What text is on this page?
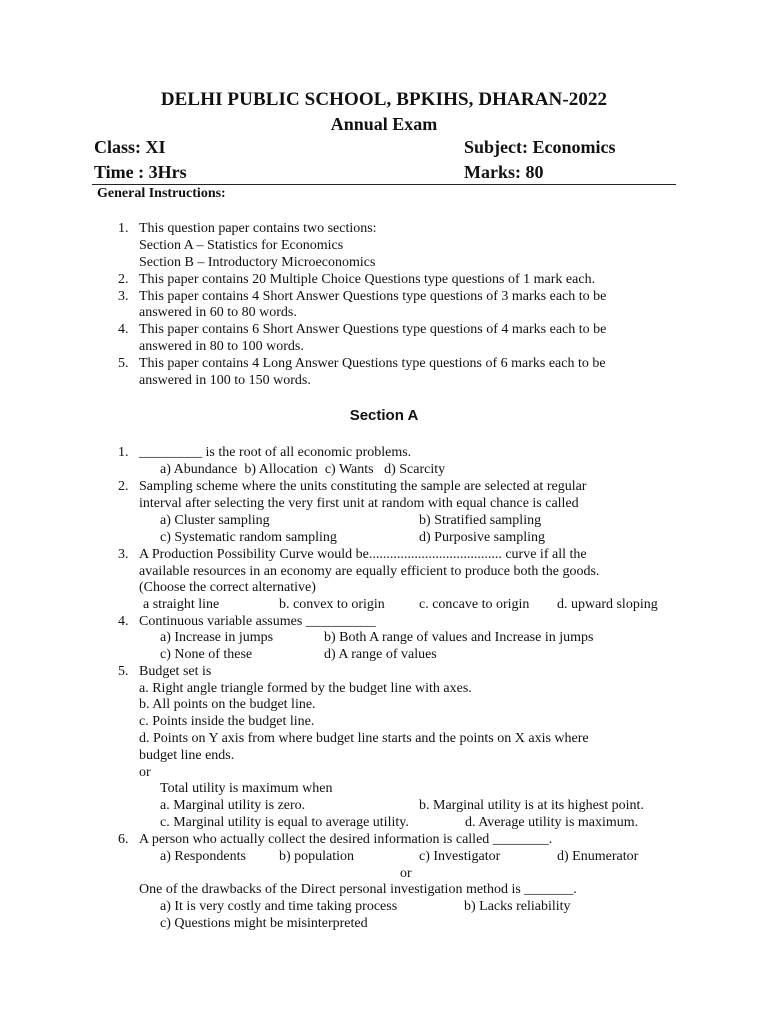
DELHI PUBLIC SCHOOL, BPKIHS, DHARAN-2022
Annual Exam
Class: XI	Subject: Economics
Time : 3Hrs	Marks: 80
General Instructions:
1. This question paper contains two sections:
Section A – Statistics for Economics
Section B – Introductory Microeconomics
2. This paper contains 20 Multiple Choice Questions type questions of 1 mark each.
3. This paper contains 4 Short Answer Questions type questions of 3 marks each to be
answered in 60 to 80 words.
4. This paper contains 6 Short Answer Questions type questions of 4 marks each to be
answered in 80 to 100 words.
5. This paper contains 4 Long Answer Questions type questions of 6 marks each to be
answered in 100 to 150 words.
Section A
1. _________ is the root of all economic problems.
a) Abundance  b) Allocation  c) Wants   d) Scarcity
2. Sampling scheme where the units constituting the sample are selected at regular
interval after selecting the very first unit at random with equal chance is called
a) Cluster sampling	b) Stratified sampling
c) Systematic random sampling	d) Purposive sampling
3. A Production Possibility Curve would be...................................... curve if all the
available resources in an economy are equally efficient to produce both the goods.
(Choose the correct alternative)
a straight line	b. convex to origin c. concave to origin d. upward sloping
4. Continuous variable assumes __________
a) Increase in jumps	b) Both A range of values and Increase in jumps
c) None of these	d) A range of values
5. Budget set is
a. Right angle triangle formed by the budget line with axes.
b. All points on the budget line.
c. Points inside the budget line.
d. Points on Y axis from where budget line starts and the points on X axis where
budget line ends.
or
Total utility is maximum when
a. Marginal utility is zero.	b. Marginal utility is at its highest point.
c. Marginal utility is equal to average utility.	d. Average utility is maximum.
6. A person who actually collect the desired information is called ________.
a) Respondents b) population	c) Investigator	d) Enumerator
or
One of the drawbacks of the Direct personal investigation method is _______.
a) It is very costly and time taking process	b) Lacks reliability
c) Questions might be misinterpreted
